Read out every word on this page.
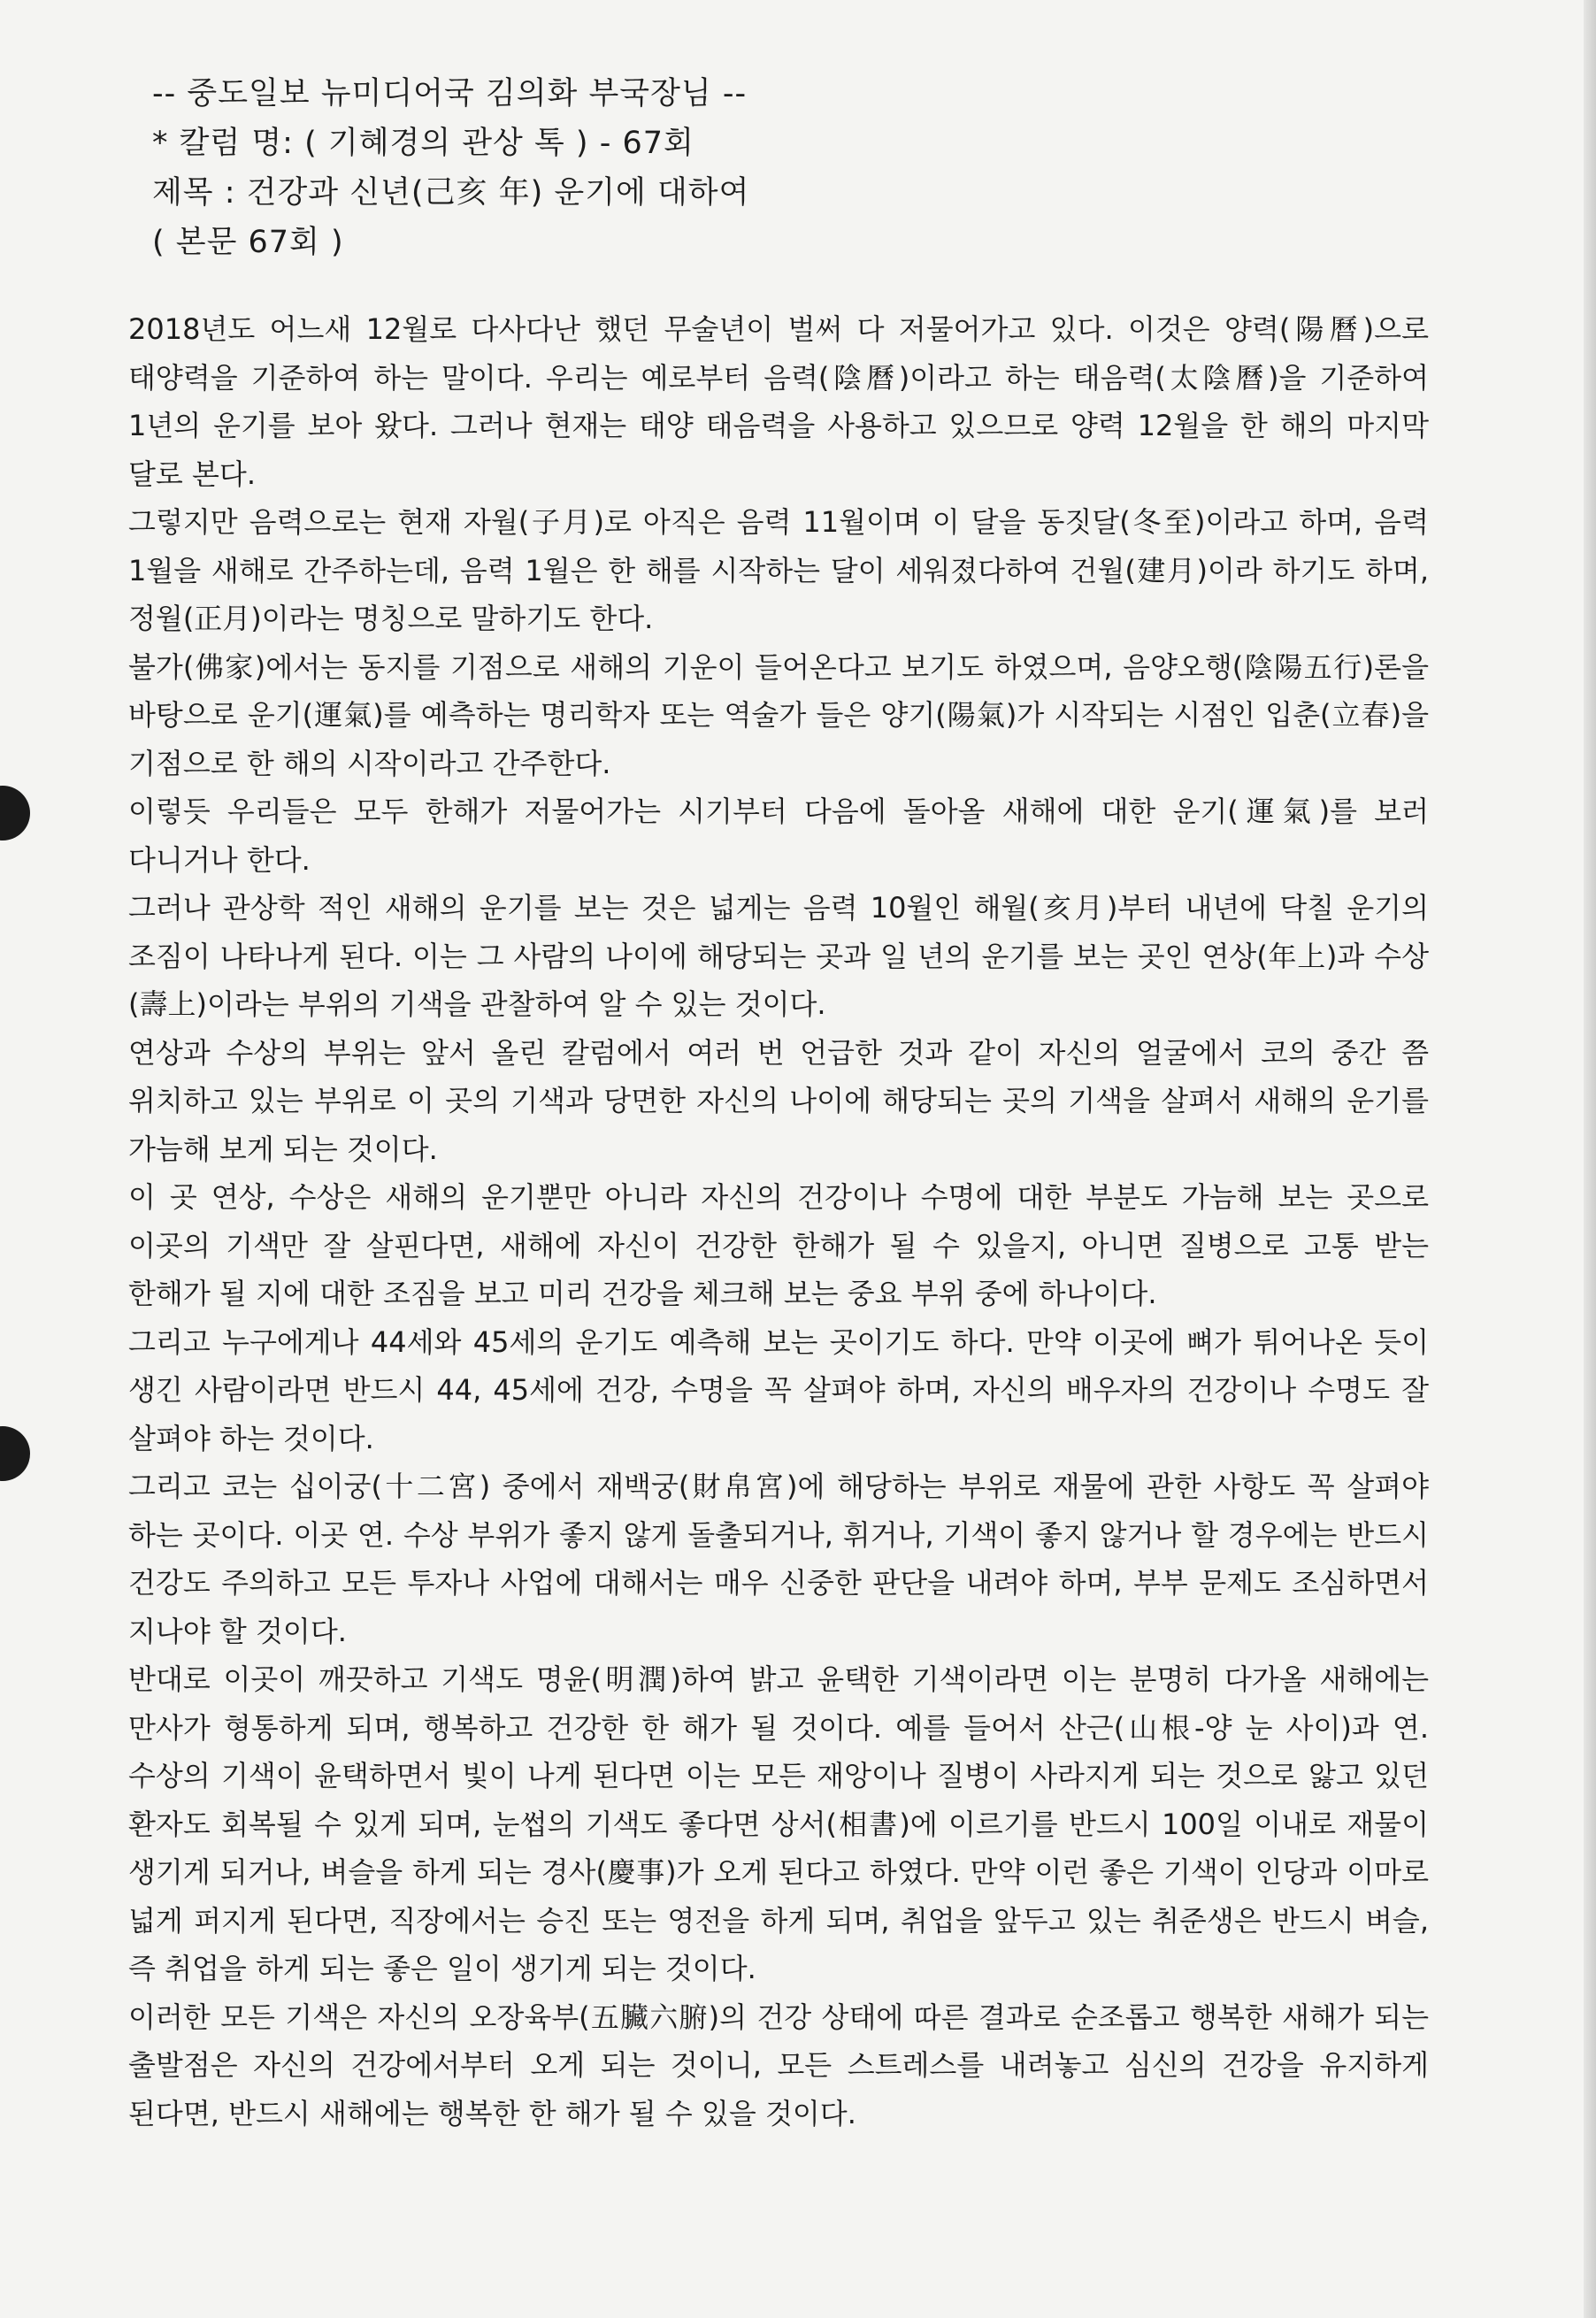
-- 중도일보 뉴미디어국 김의화 부국장님 --
* 칼럼 명: ( 기혜경의 관상 톡 ) - 67회
제목 : 건강과 신년(己亥 年) 운기에 대하여
( 본문 67회 )

2018년도 어느새 12월로 다사다난 했던 무술년이 벌써 다 저물어가고 있다. 이것은 양력(陽曆)으로 태양력을 기준하여 하는 말이다. 우리는 예로부터 음력(陰曆)이라고 하는 태음력(太陰曆)을 기준하여 1년의 운기를 보아 왔다. 그러나 현재는 태양 태음력을 사용하고 있으므로 양력 12월을 한 해의 마지막 달로 본다.

그렇지만 음력으로는 현재 자월(子月)로 아직은 음력 11월이며 이 달을 동짓달(冬至)이라고 하며, 음력 1월을 새해로 간주하는데, 음력 1월은 한 해를 시작하는 달이 세워졌다하여 건월(建月)이라 하기도 하며, 정월(正月)이라는 명칭으로 말하기도 한다.

불가(佛家)에서는 동지를 기점으로 새해의 기운이 들어온다고 보기도 하였으며, 음양오행(陰陽五行)론을 바탕으로 운기(運氣)를 예측하는 명리학자 또는 역술가 들은 양기(陽氣)가 시작되는 시점인 입춘(立春)을 기점으로 한 해의 시작이라고 간주한다.

이렇듯 우리들은 모두 한해가 저물어가는 시기부터 다음에 돌아올 새해에 대한 운기(運氣)를 보러 다니거나 한다.

그러나 관상학 적인 새해의 운기를 보는 것은 넓게는 음력 10월인 해월(亥月)부터 내년에 닥칠 운기의 조짐이 나타나게 된다. 이는 그 사람의 나이에 해당되는 곳과 일 년의 운기를 보는 곳인 연상(年上)과 수상(壽上)이라는 부위의 기색을 관찰하여 알 수 있는 것이다.

연상과 수상의 부위는 앞서 올린 칼럼에서 여러 번 언급한 것과 같이 자신의 얼굴에서 코의 중간 쯤 위치하고 있는 부위로 이 곳의 기색과 당면한 자신의 나이에 해당되는 곳의 기색을 살펴서 새해의 운기를 가늠해 보게 되는 것이다.

이 곳 연상, 수상은 새해의 운기뿐만 아니라 자신의 건강이나 수명에 대한 부분도 가늠해 보는 곳으로 이곳의 기색만 잘 살핀다면, 새해에 자신이 건강한 한해가 될 수 있을지, 아니면 질병으로 고통 받는 한해가 될 지에 대한 조짐을 보고 미리 건강을 체크해 보는 중요 부위 중에 하나이다.

그리고 누구에게나 44세와 45세의 운기도 예측해 보는 곳이기도 하다. 만약 이곳에 뼈가 튀어나온 듯이 생긴 사람이라면 반드시 44, 45세에 건강, 수명을 꼭 살펴야 하며, 자신의 배우자의 건강이나 수명도 잘 살펴야 하는 것이다.

그리고 코는 십이궁(十二宮) 중에서 재백궁(財帛宮)에 해당하는 부위로 재물에 관한 사항도 꼭 살펴야 하는 곳이다. 이곳 연. 수상 부위가 좋지 않게 돌출되거나, 휘거나, 기색이 좋지 않거나 할 경우에는 반드시 건강도 주의하고 모든 투자나 사업에 대해서는 매우 신중한 판단을 내려야 하며, 부부 문제도 조심하면서 지나야 할 것이다.

반대로 이곳이 깨끗하고 기색도 명윤(明潤)하여 밝고 윤택한 기색이라면 이는 분명히 다가올 새해에는 만사가 형통하게 되며, 행복하고 건강한 한 해가 될 것이다. 예를 들어서 산근(山根-양 눈 사이)과 연. 수상의 기색이 윤택하면서 빛이 나게 된다면 이는 모든 재앙이나 질병이 사라지게 되는 것으로 앓고 있던 환자도 회복될 수 있게 되며, 눈썹의 기색도 좋다면 상서(相書)에 이르기를 반드시 100일 이내로 재물이 생기게 되거나, 벼슬을 하게 되는 경사(慶事)가 오게 된다고 하였다. 만약 이런 좋은 기색이 인당과 이마로 넓게 퍼지게 된다면, 직장에서는 승진 또는 영전을 하게 되며, 취업을 앞두고 있는 취준생은 반드시 벼슬, 즉 취업을 하게 되는 좋은 일이 생기게 되는 것이다.

이러한 모든 기색은 자신의 오장육부(五臟六腑)의 건강 상태에 따른 결과로 순조롭고 행복한 새해가 되는 출발점은 자신의 건강에서부터 오게 되는 것이니, 모든 스트레스를 내려놓고 심신의 건강을 유지하게 된다면, 반드시 새해에는 행복한 한 해가 될 수 있을 것이다.
